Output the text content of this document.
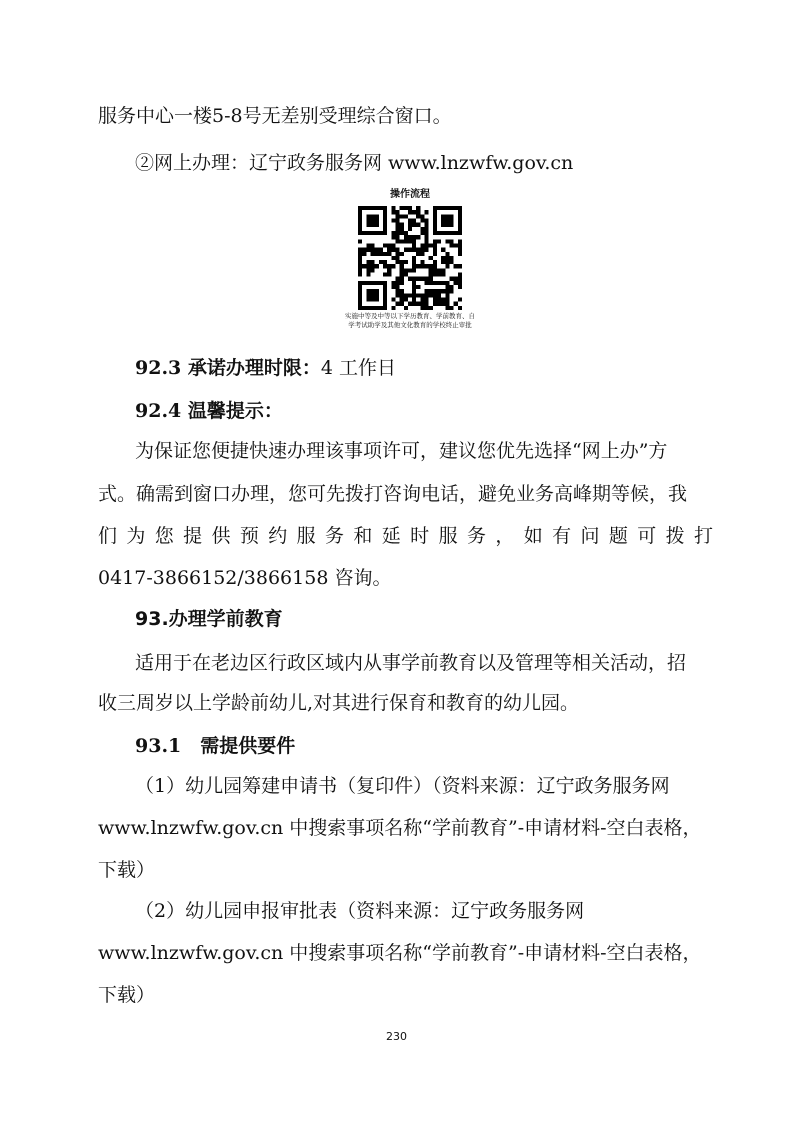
服务中心一楼5-8号无差别受理综合窗口。
②网上办理：辽宁政务服务网 www.lnzwfw.gov.cn
操作流程
实施中等及中等以下学历教育、学前教育、自
学考试助学及其他文化教育的学校终止审批
92.3 承诺办理时限：4 工作日
92.4 温馨提示：
为保证您便捷快速办理该事项许可，建议您优先选择“网上办”方
式。确需到窗口办理，您可先拨打咨询电话，避免业务高峰期等候，我
们为您提供预约服务和延时服务，如有问题可拨打
0417-3866152/3866158 咨询。
93.办理学前教育
适用于在老边区行政区域内从事学前教育以及管理等相关活动，招
收三周岁以上学龄前幼儿,对其进行保育和教育的幼儿园。
93.1　需提供要件
（1）幼儿园筹建申请书（复印件）（资料来源：辽宁政务服务网
www.lnzwfw.gov.cn 中搜索事项名称“学前教育”-申请材料-空白表格，
下载）
（2）幼儿园申报审批表（资料来源：辽宁政务服务网
www.lnzwfw.gov.cn 中搜索事项名称“学前教育”-申请材料-空白表格，
下载）
230
